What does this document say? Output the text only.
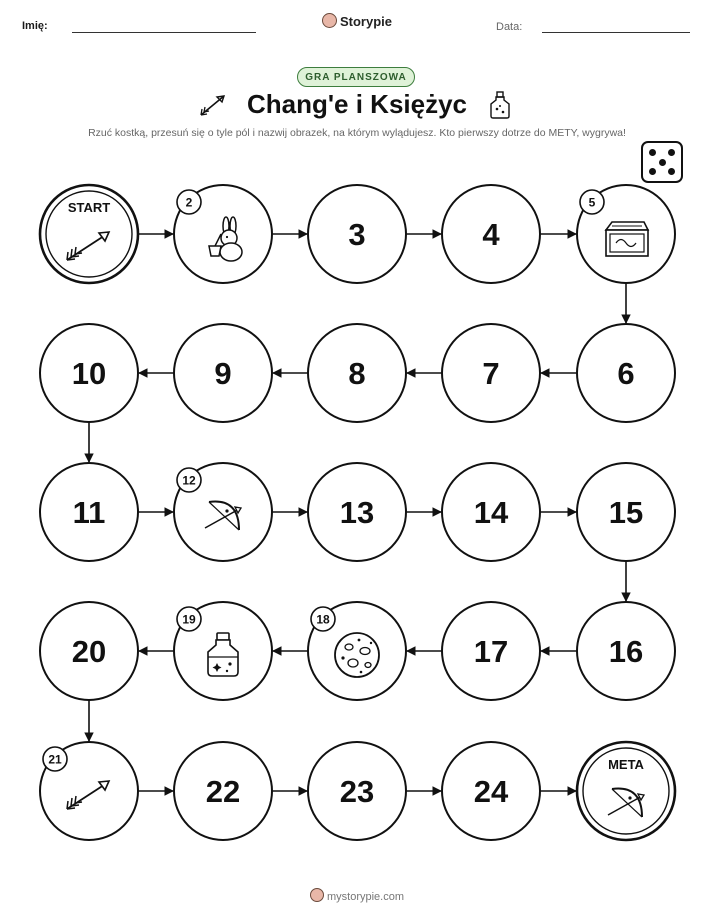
Imię:	Storypie	Data:
GRA PLANSZOWA
Chang'e i Księżyc
Rzuć kostką, przesuń się o tyle pól i nazwij obrazek, na którym wylądujesz. Kto pierwszy dotrze do METY, wygrywa!
START	2
3	4
5
6
7
8
9
10
11
12
13	14	15
16
17
18
19
20
21
22	23	24
META
mystorypie.com
